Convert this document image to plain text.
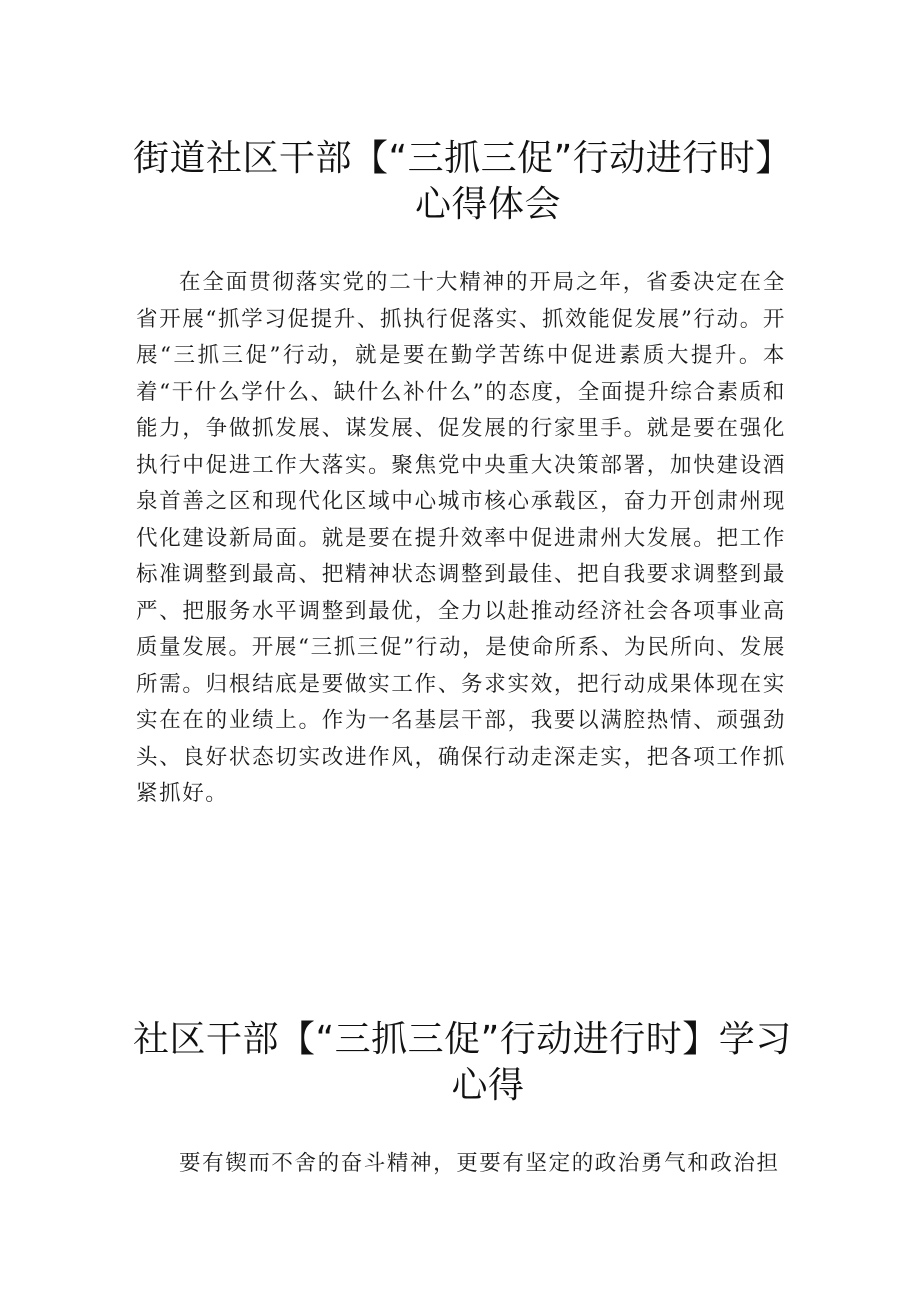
街道社区干部【“三抓三促”行动进行时】
心得体会

在全面贯彻落实党的二十大精神的开局之年，省委决定在全省开展“抓学习促提升、抓执行促落实、抓效能促发展”行动。开展“三抓三促”行动，就是要在勤学苦练中促进素质大提升。本着“干什么学什么、缺什么补什么”的态度，全面提升综合素质和能力，争做抓发展、谋发展、促发展的行家里手。就是要在强化执行中促进工作大落实。聚焦党中央重大决策部署，加快建设酒泉首善之区和现代化区域中心城市核心承载区，奋力开创肃州现代化建设新局面。就是要在提升效率中促进肃州大发展。把工作标准调整到最高、把精神状态调整到最佳、把自我要求调整到最严、把服务水平调整到最优，全力以赴推动经济社会各项事业高质量发展。开展“三抓三促”行动，是使命所系、为民所向、发展所需。归根结底是要做实工作、务求实效，把行动成果体现在实实在在的业绩上。作为一名基层干部，我要以满腔热情、顽强劲头、良好状态切实改进作风，确保行动走深走实，把各项工作抓紧抓好。

社区干部【“三抓三促”行动进行时】学习
心得

要有锲而不舍的奋斗精神，更要有坚定的政治勇气和政治担
